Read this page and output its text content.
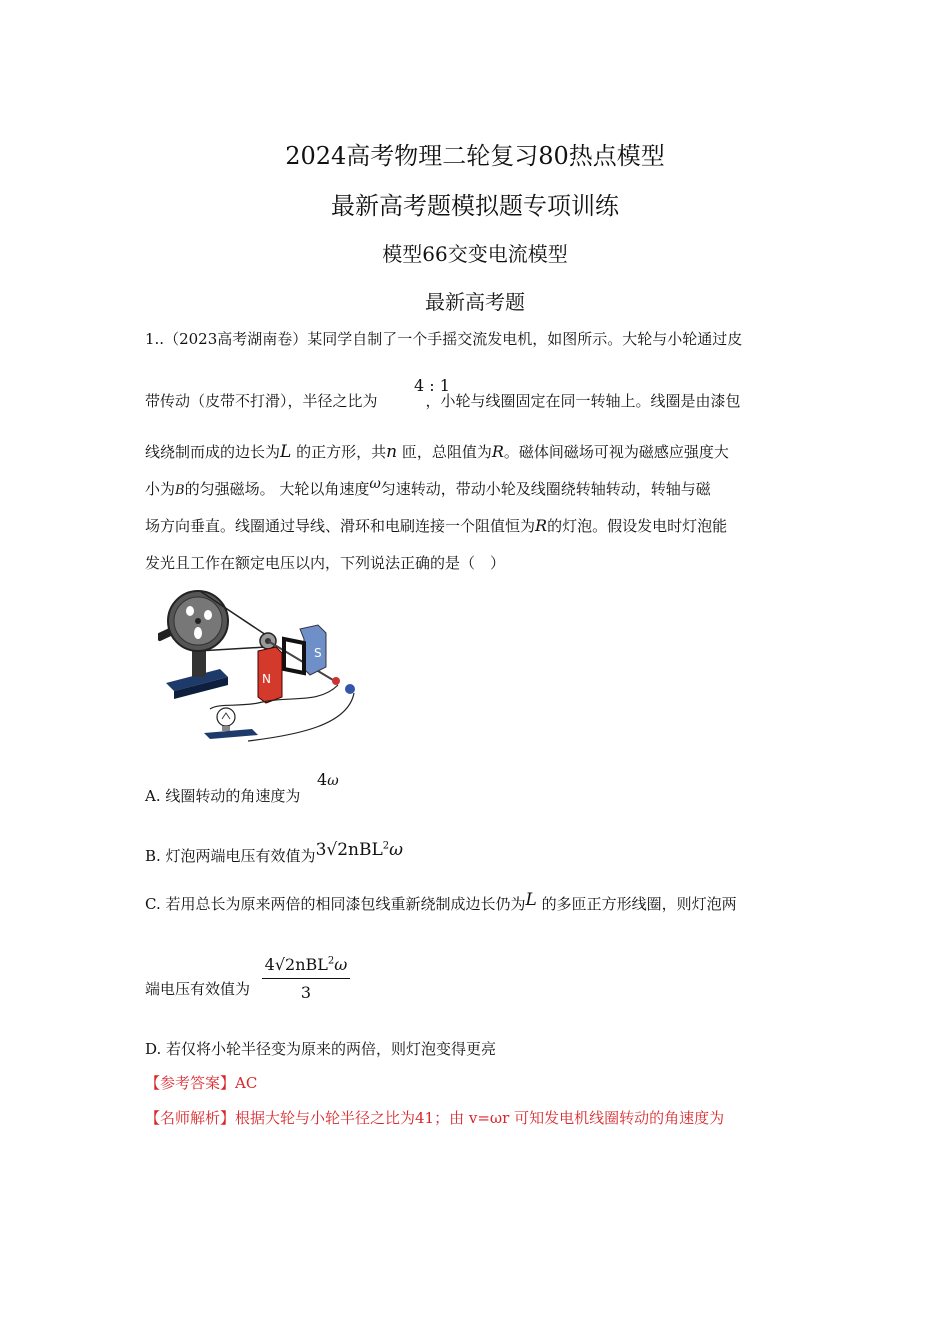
2024高考物理二轮复习80热点模型
最新高考题模拟题专项训练
模型66交变电流模型
最新高考题
1..（2023高考湖南卷）某同学自制了一个手摇交流发电机，如图所示。大轮与小轮通过皮
4 : 1
带传动（皮带不打滑），半径之比为	，小轮与线圈固定在同一转轴上。线圈是由漆包
线绕制而成的边长为L 的正方形，共n 匝，总阻值为R。磁体间磁场可视为磁感应强度大
小为B的匀强磁场。 大轮以角速度ω匀速转动，带动小轮及线圈绕转轴转动，转轴与磁
场方向垂直。线圈通过导线、滑环和电刷连接一个阻值恒为R的灯泡。假设发电时灯泡能
发光且工作在额定电压以内，下列说法正确的是（　）
S
N
4ω
A. 线圈转动的角速度为
B. 灯泡两端电压有效值为3√2nBL$^2$ω
C. 若用总长为原来两倍的相同漆包线重新绕制成边长仍为L 的多匝正方形线圈，则灯泡两
4√2nBL$^2$ω
3
端电压有效值为
D. 若仅将小轮半径变为原来的两倍，则灯泡变得更亮
【参考答案】AC
【名师解析】根据大轮与小轮半径之比为41；由 v=ωr 可知发电机线圈转动的角速度为
